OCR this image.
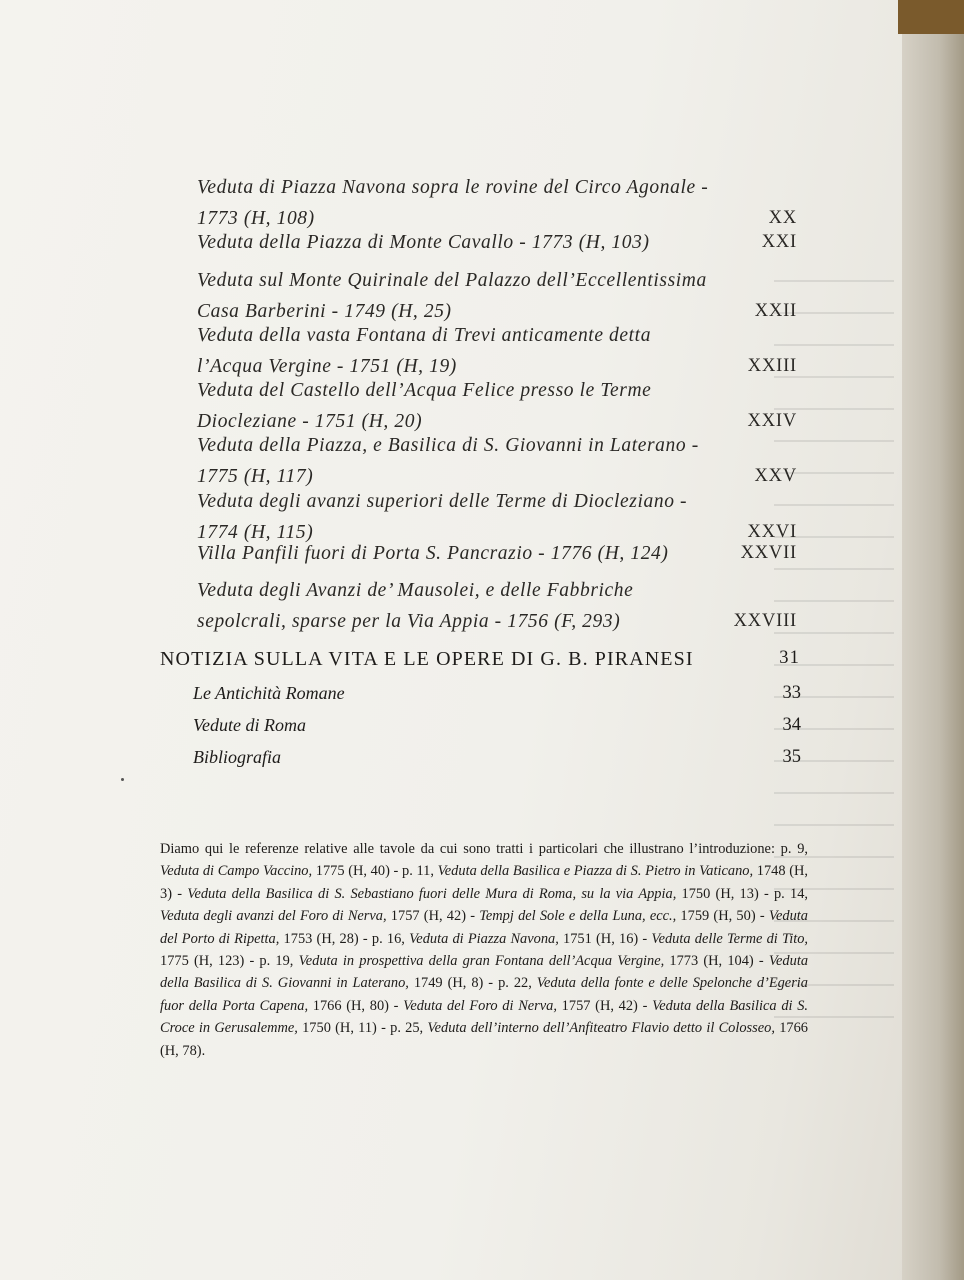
Veduta di Piazza Navona sopra le rovine del Circo Agonale - 1773 (H, 108)	XX
Veduta della Piazza di Monte Cavallo - 1773 (H, 103)	XXI
Veduta sul Monte Quirinale del Palazzo dell’Eccellentissima Casa Barberini - 1749 (H, 25)	XXII
Veduta della vasta Fontana di Trevi anticamente detta l’Acqua Vergine - 1751 (H, 19)	XXIII
Veduta del Castello dell’Acqua Felice presso le Terme Diocleziane - 1751 (H, 20)	XXIV
Veduta della Piazza, e Basilica di S. Giovanni in Laterano - 1775 (H, 117)	XXV
Veduta degli avanzi superiori delle Terme di Diocleziano - 1774 (H, 115)	XXVI
Villa Panfili fuori di Porta S. Pancrazio - 1776 (H, 124)	XXVII
Veduta degli Avanzi de’ Mausolei, e delle Fabbriche sepolcrali, sparse per la Via Appia - 1756 (F, 293)	XXVIII
NOTIZIA SULLA VITA E LE OPERE DI G. B. PIRANESI	31
Le Antichità Romane	33
Vedute di Roma	34
Bibliografia	35
Diamo qui le referenze relative alle tavole da cui sono tratti i particolari che illustrano l’introduzione: p. 9, Veduta di Campo Vaccino, 1775 (H, 40) - p. 11, Veduta della Basilica e Piazza di S. Pietro in Vaticano, 1748 (H, 3) - Veduta della Basilica di S. Sebastiano fuori delle Mura di Roma, su la via Appia, 1750 (H, 13) - p. 14, Veduta degli avanzi del Foro di Nerva, 1757 (H, 42) - Tempj del Sole e della Luna, ecc., 1759 (H, 50) - Veduta del Porto di Ripetta, 1753 (H, 28) - p. 16, Veduta di Piazza Navona, 1751 (H, 16) - Veduta delle Terme di Tito, 1775 (H, 123) - p. 19, Veduta in prospettiva della gran Fontana dell’Acqua Vergine, 1773 (H, 104) - Veduta della Basilica di S. Giovanni in Laterano, 1749 (H, 8) - p. 22, Veduta della fonte e delle Spelonche d’Egeria fuor della Porta Capena, 1766 (H, 80) - Veduta del Foro di Nerva, 1757 (H, 42) - Veduta della Basilica di S. Croce in Gerusalemme, 1750 (H, 11) - p. 25, Veduta dell’interno dell’Anfiteatro Flavio detto il Colosseo, 1766 (H, 78).
